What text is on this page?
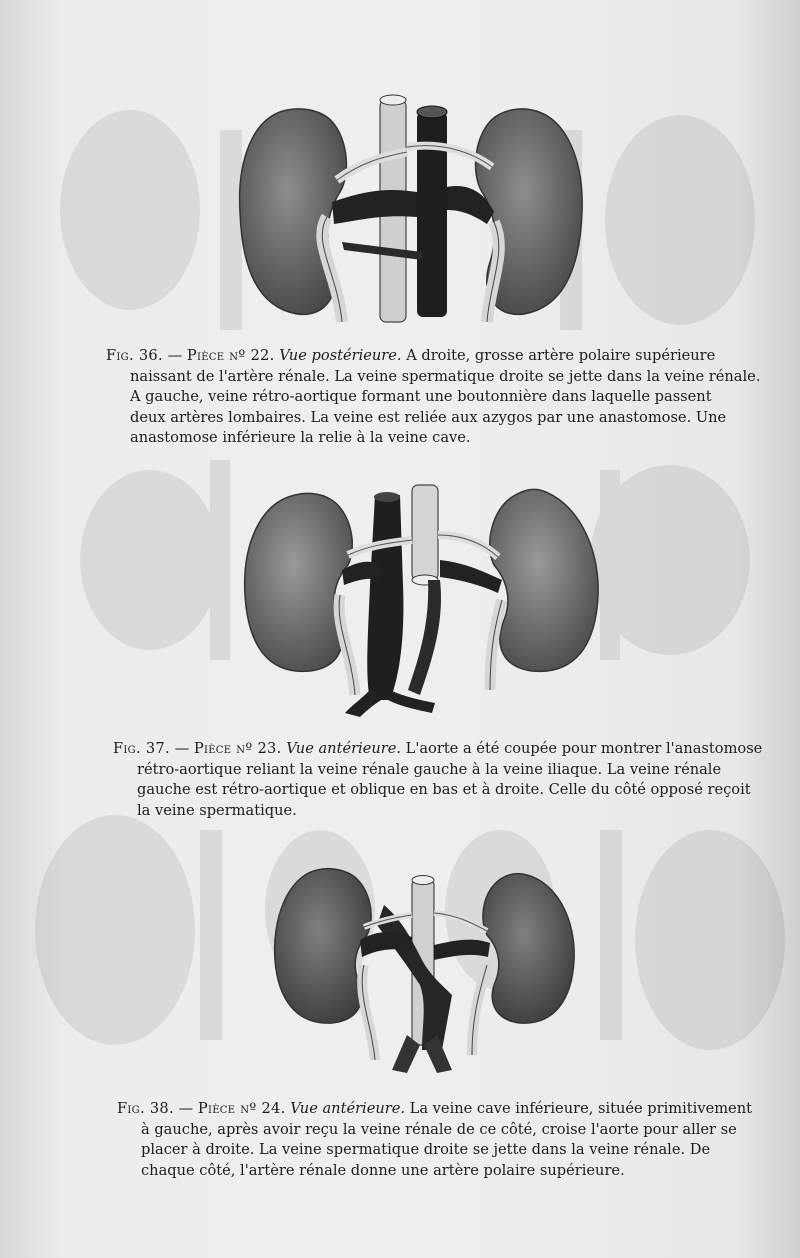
Fig. 36. — Pièce nº 22. Vue postérieure. A droite, grosse artère polaire supérieure
naissant de l'artère rénale. La veine spermatique droite se jette dans la veine rénale.
A gauche, veine rétro-aortique formant une boutonnière dans laquelle passent
deux artères lombaires. La veine est reliée aux azygos par une anastomose. Une
anastomose inférieure la relie à la veine cave.
Fig. 37. — Pièce nº 23. Vue antérieure. L'aorte a été coupée pour montrer l'anastomose
rétro-aortique reliant la veine rénale gauche à la veine iliaque. La veine rénale
gauche est rétro-aortique et oblique en bas et à droite. Celle du côté opposé reçoit
la veine spermatique.
Fig. 38. — Pièce nº 24. Vue antérieure. La veine cave inférieure, située primitivement
à gauche, après avoir reçu la veine rénale de ce côté, croise l'aorte pour aller se
placer à droite. La veine spermatique droite se jette dans la veine rénale. De
chaque côté, l'artère rénale donne une artère polaire supérieure.
